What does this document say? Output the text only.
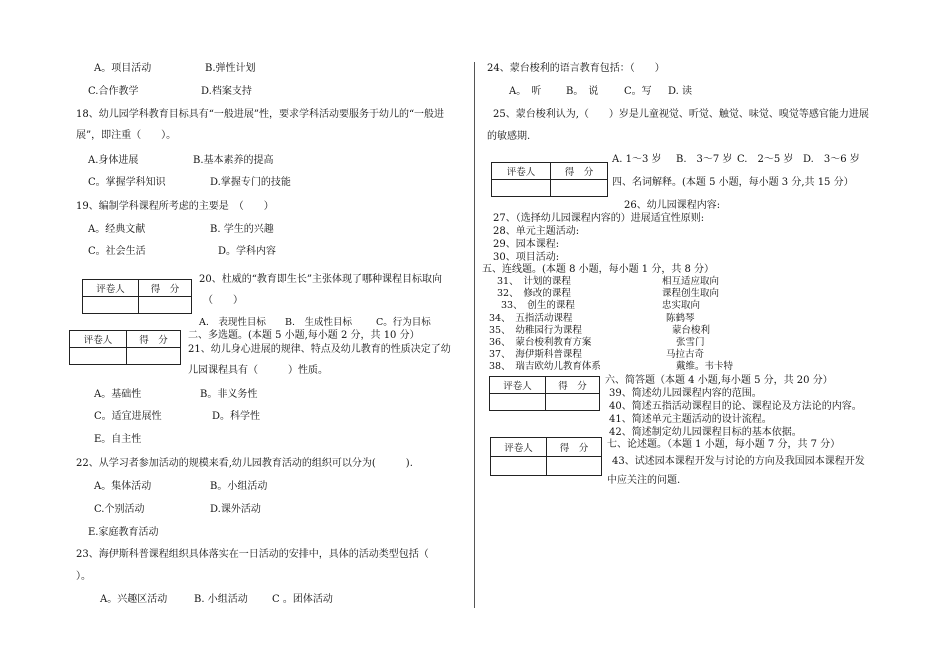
A。项目活动	B.弹性计划
C.合作教学	D.档案支持
18、幼儿园学科教育目标具有“一般进展”性，要求学科活动要服务于幼儿的“一般进
展”，即注重（　　）。
A.身体进展	B.基本素养的提高
C。掌握学科知识	D.掌握专门的技能
19、编制学科课程所考虑的主要是　（　　）
A。经典文献	B. 学生的兴趣
C。社会生活	D。学科内容
评卷人	得　分

20、杜威的“教育即生长”主张体现了哪种课程目标取向
（　　）
A.　表现性目标 B.　生成性目标	C。行为目标
评卷人	得　分
	二、多选题。(本题 5 小题,每小题 2 分，共 10 分）
21、幼儿身心进展的规律、特点及幼儿教育的性质决定了幼
儿园课程具有（　　　）性质。
A。基础性	B。非义务性
C。适宜进展性	D。科学性
E。自主性
22、从学习者参加活动的规模来看,幼儿园教育活动的组织可以分为(　　　).
A。集体活动	B。小组活动
C.个别活动	D.课外活动
E.家庭教育活动
23、海伊斯科普课程组织具体落实在一日活动的安排中，具体的活动类型包括（
）。
A。兴趣区活动	B. 小组活动 C 。团体活动
24、蒙台梭利的语言教育包括：（　　）
A。　听 B。　说	C。写 D. 读
25、蒙台梭利认为,（　　）岁是儿童视觉、听觉、触觉、味觉、嗅觉等感官能力进展
的敏感期.
评卷人	得　分

A. 1～3 岁 B.　3～7 岁 C.　2～5 岁 D.　3～6 岁
四、名词解释。(本题 5 小题，每小题 3 分,共 15 分）
26、幼儿园课程内容:
27、（选择幼儿园课程内容的）进展适宜性原则:
28、单元主题活动:
29、园本课程:
30、项目活动:
五、连线题。(本题 8 小题，每小题 1 分，共 8 分）
31、　计划的课程	相互适应取向
32、　修改的课程	课程创生取向
33、　创生的课程	忠实取向
34、　五指活动课程	陈鹤琴
35、　幼稚园行为课程	蒙台梭利
36、　蒙台梭利教育方案	张雪门
37、　海伊斯科普课程	马拉古奇
38、　瑞吉欧幼儿教育体系	戴维。韦卡特
评卷人	得　分

六、简答题（本题 4 小题,每小题 5 分，共 20 分）
39、简述幼儿园课程内容的范围。
40、简述五指活动课程目的论、课程论及方法论的内容。
41、简述单元主题活动的设计流程。
42、简述制定幼儿园课程目标的基本依据。
评卷人	得　分
	七、论述题。（本题 1 小题，每小题 7 分，共 7 分）
43、试述园本课程开发与讨论的方向及我国园本课程开发
中应关注的问题.
